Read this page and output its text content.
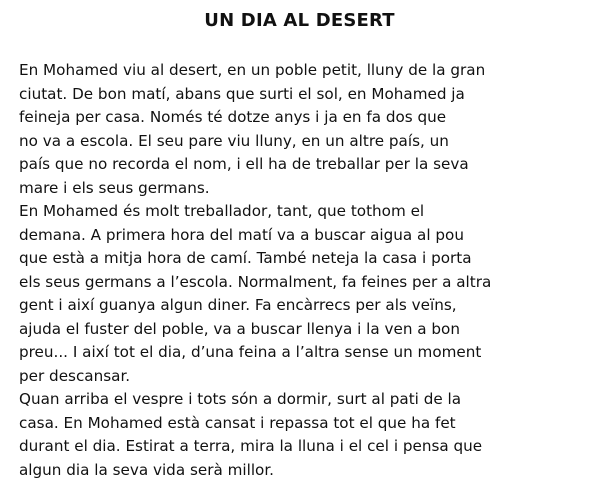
UN DIA AL DESERT
En Mohamed viu al desert, en un poble petit, lluny de la gran
ciutat. De bon matí, abans que surti el sol, en Mohamed ja
feineja per casa. Només té dotze anys i ja en fa dos que
no va a escola. El seu pare viu lluny, en un altre país, un
país que no recorda el nom, i ell ha de treballar per la seva
mare i els seus germans.
En Mohamed és molt treballador, tant, que tothom el
demana. A primera hora del matí va a buscar aigua al pou
que està a mitja hora de camí. També neteja la casa i porta
els seus germans a l’escola. Normalment, fa feines per a altra
gent i així guanya algun diner. Fa encàrrecs per als veïns,
ajuda el fuster del poble, va a buscar llenya i la ven a bon
preu... I així tot el dia, d’una feina a l’altra sense un moment
per descansar.
Quan arriba el vespre i tots són a dormir, surt al pati de la
casa. En Mohamed està cansat i repassa tot el que ha fet
durant el dia. Estirat a terra, mira la lluna i el cel i pensa que
algun dia la seva vida serà millor.
